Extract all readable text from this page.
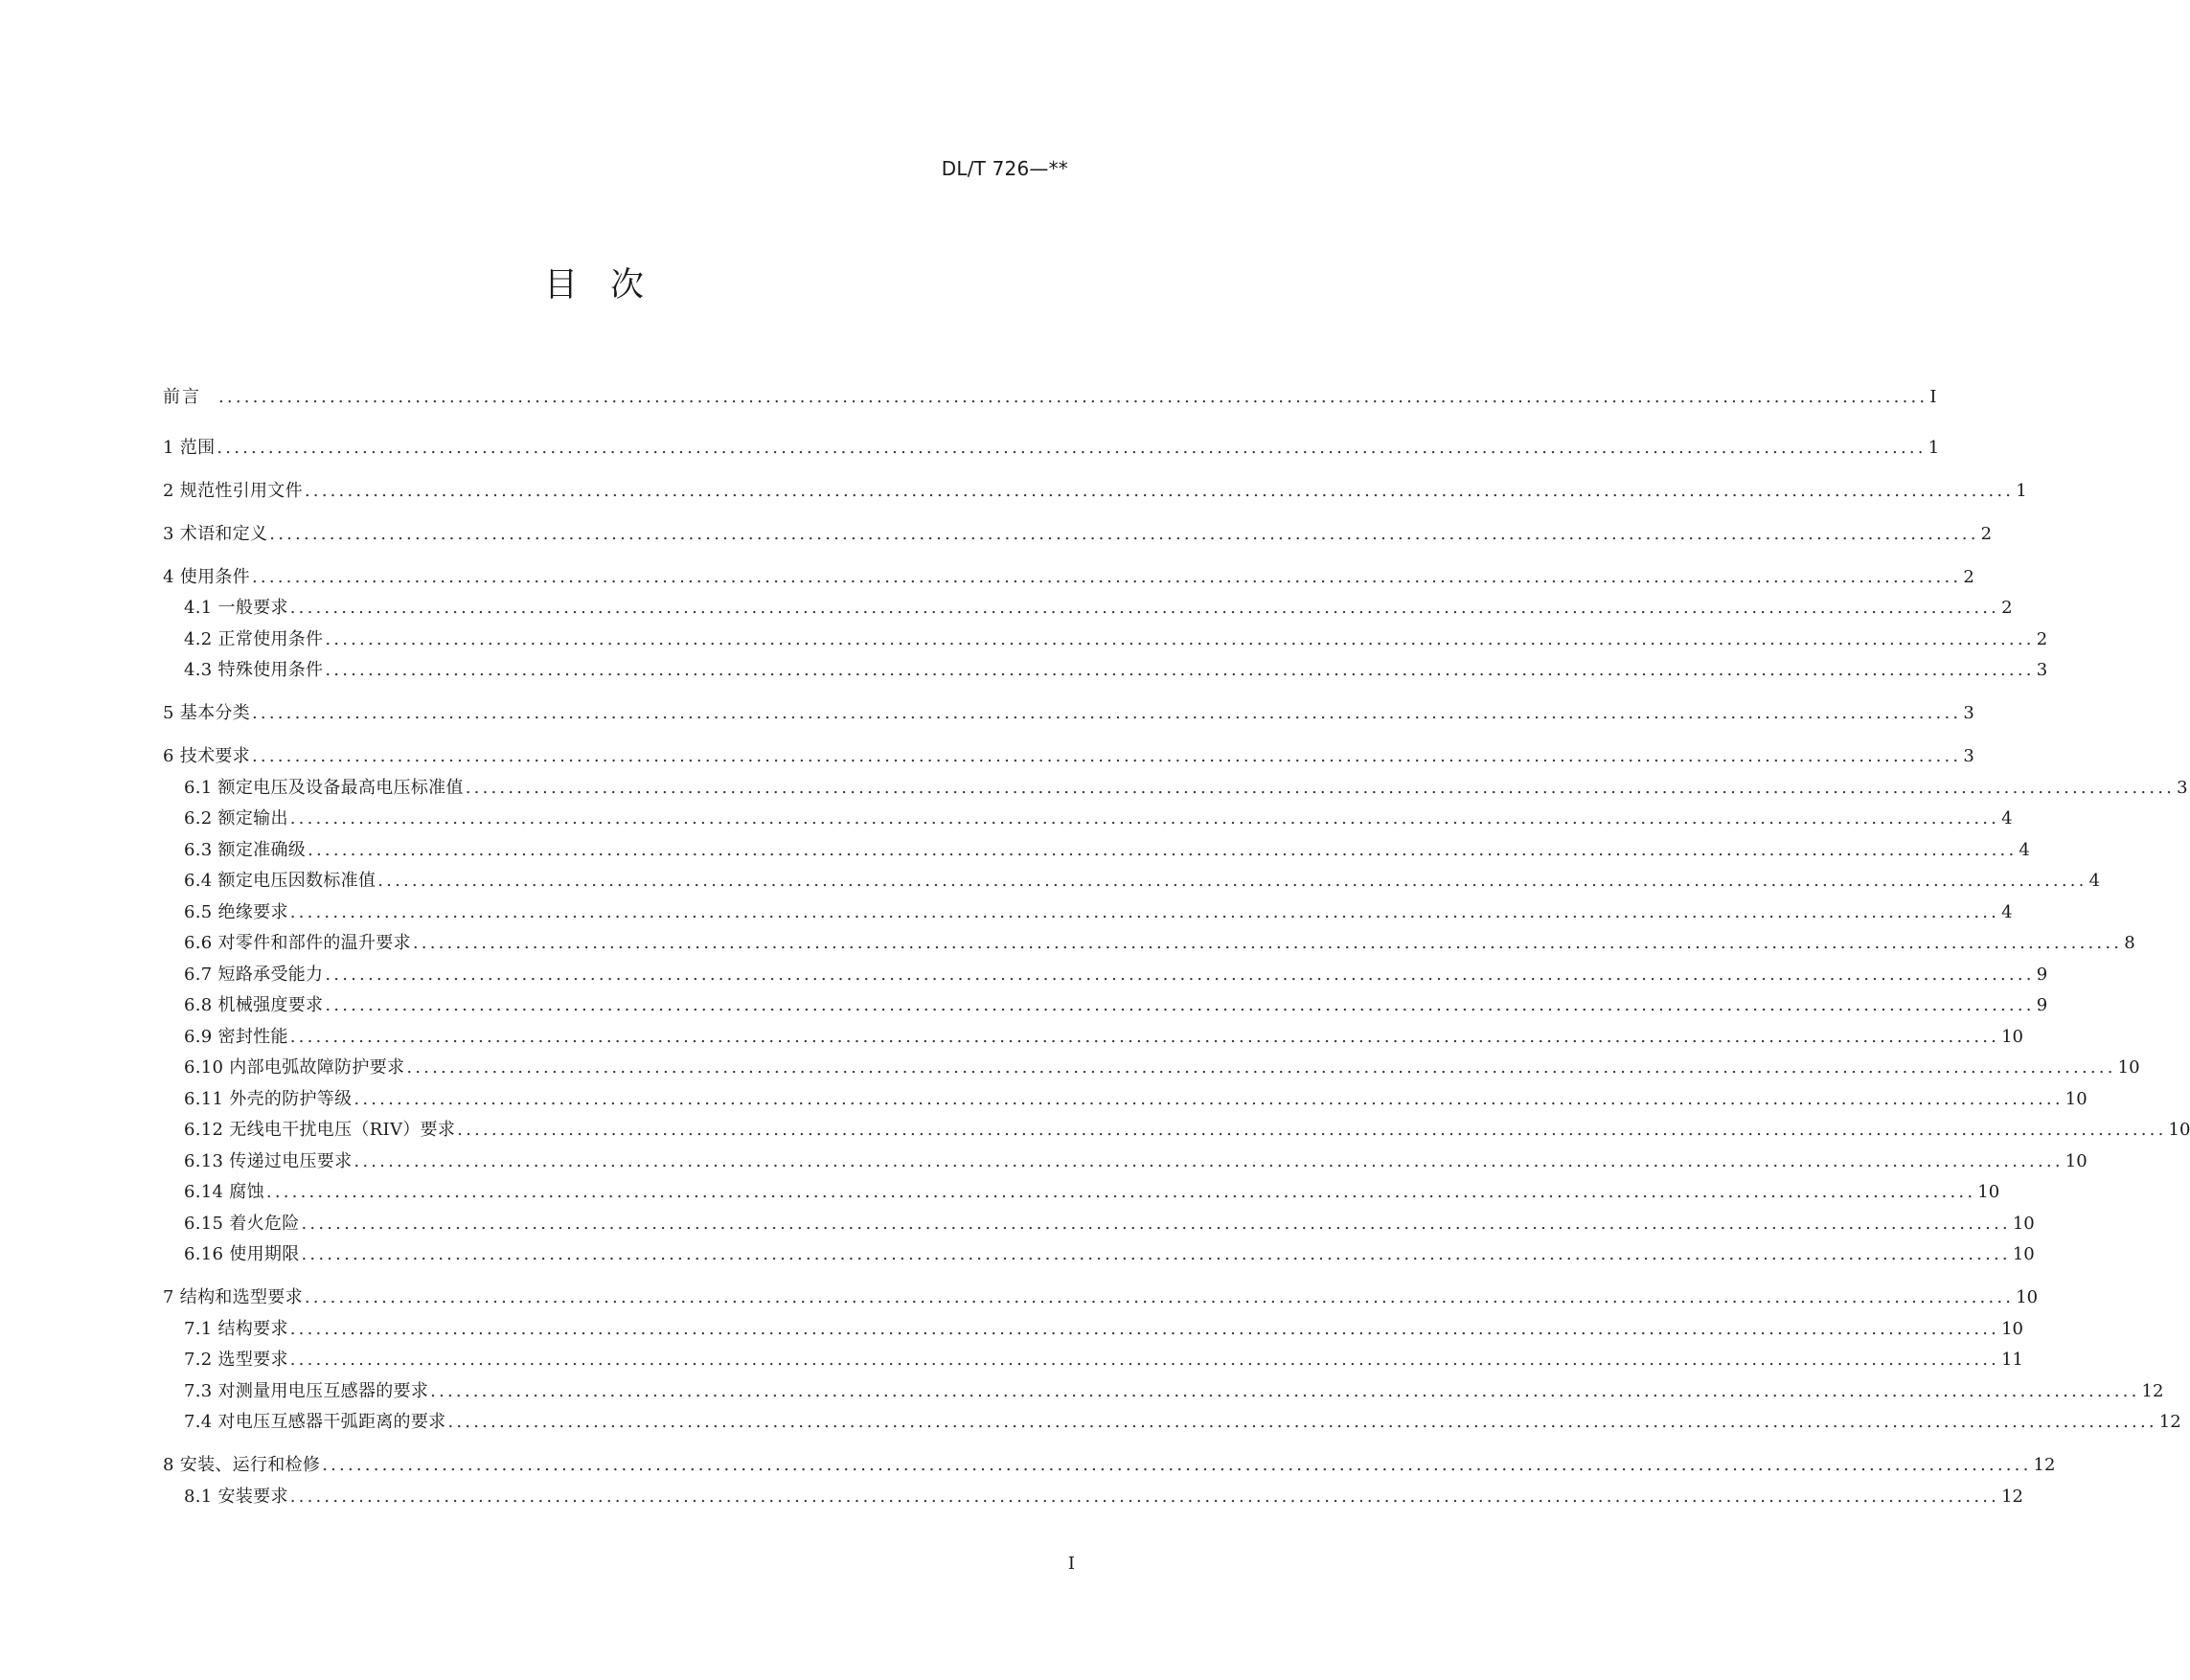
DL/T 726—**
目次
前言 ........................................................................................................................................................................................................ I
1 范围 ........................................................................................................................................................................................................ 1
2 规范性引用文件 ........................................................................................................................................................................................................ 1
3 术语和定义 ........................................................................................................................................................................................................ 2
4 使用条件 ........................................................................................................................................................................................................ 2
4.1 一般要求 ........................................................................................................................................................................................................ 2
4.2 正常使用条件 ........................................................................................................................................................................................................ 2
4.3 特殊使用条件 ........................................................................................................................................................................................................ 3
5 基本分类 ........................................................................................................................................................................................................ 3
6 技术要求 ........................................................................................................................................................................................................ 3
6.1 额定电压及设备最高电压标准值 ........................................................................................................................................................................................................ 3
6.2 额定输出 ........................................................................................................................................................................................................ 4
6.3 额定准确级 ........................................................................................................................................................................................................ 4
6.4 额定电压因数标准值 ........................................................................................................................................................................................................ 4
6.5 绝缘要求 ........................................................................................................................................................................................................ 4
6.6 对零件和部件的温升要求 ........................................................................................................................................................................................................ 8
6.7 短路承受能力 ........................................................................................................................................................................................................ 9
6.8 机械强度要求 ........................................................................................................................................................................................................ 9
6.9 密封性能 ........................................................................................................................................................................................................ 10
6.10 内部电弧故障防护要求 ........................................................................................................................................................................................................ 10
6.11 外壳的防护等级 ........................................................................................................................................................................................................ 10
6.12 无线电干扰电压（RIV）要求 ........................................................................................................................................................................................................ 10
6.13 传递过电压要求 ........................................................................................................................................................................................................ 10
6.14 腐蚀 ........................................................................................................................................................................................................ 10
6.15 着火危险 ........................................................................................................................................................................................................ 10
6.16 使用期限 ........................................................................................................................................................................................................ 10
7 结构和选型要求 ........................................................................................................................................................................................................ 10
7.1 结构要求 ........................................................................................................................................................................................................ 10
7.2 选型要求 ........................................................................................................................................................................................................ 11
7.3 对测量用电压互感器的要求 ........................................................................................................................................................................................................ 12
7.4 对电压互感器干弧距离的要求 ........................................................................................................................................................................................................ 12
8 安装、运行和检修 ........................................................................................................................................................................................................ 12
8.1 安装要求 ........................................................................................................................................................................................................ 12
I
